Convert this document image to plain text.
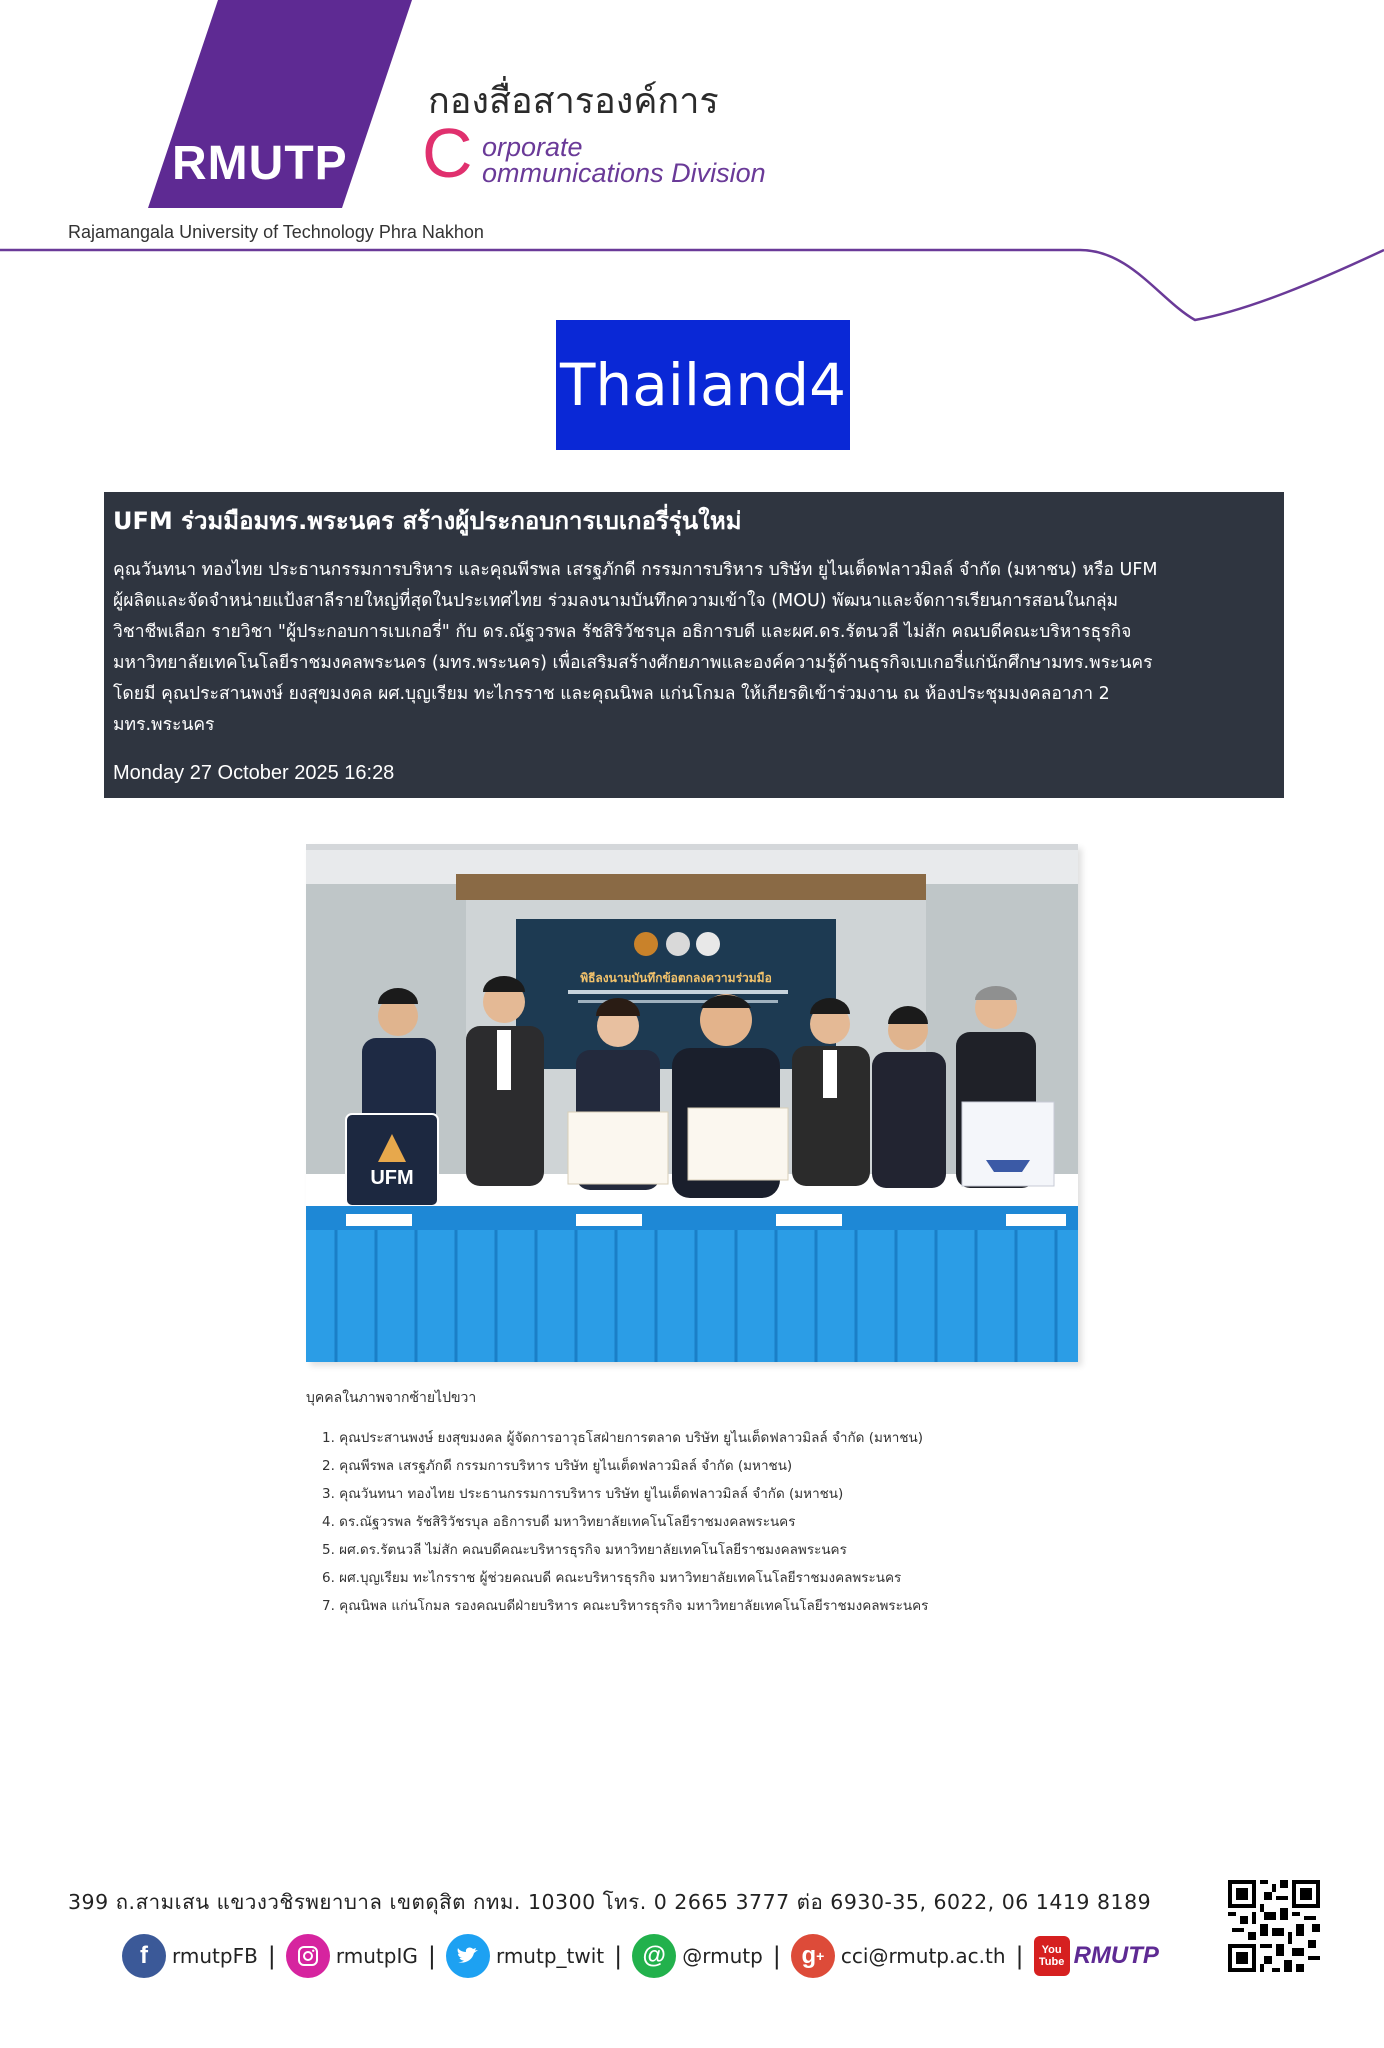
RMUTP
Rajamangala University of Technology Phra Nakhon
กองสื่อสารองค์การ
C orporate
ommunications Division
Thailand4
UFM ร่วมมือมทร.พระนคร สร้างผู้ประกอบการเบเกอรี่รุ่นใหม่
คุณวันทนา ทองไทย ประธานกรรมการบริหาร และคุณพีรพล เสรฐภักดี กรรมการบริหาร บริษัท ยูไนเต็ดฟลาวมิลล์ จำกัด (มหาชน) หรือ UFM
ผู้ผลิตและจัดจำหน่ายแป้งสาลีรายใหญ่ที่สุดในประเทศไทย ร่วมลงนามบันทึกความเข้าใจ (MOU) พัฒนาและจัดการเรียนการสอนในกลุ่ม
วิชาชีพเลือก รายวิชา "ผู้ประกอบการเบเกอรี่" กับ ดร.ณัฐวรพล รัชสิริวัชรบุล อธิการบดี และผศ.ดร.รัตนวลี ไม่สัก คณบดีคณะบริหารธุรกิจ
มหาวิทยาลัยเทคโนโลยีราชมงคลพระนคร (มทร.พระนคร) เพื่อเสริมสร้างศักยภาพและองค์ความรู้ด้านธุรกิจเบเกอรี่แก่นักศึกษามทร.พระนคร
โดยมี คุณประสานพงษ์ ยงสุขมงคล ผศ.บุญเรียม ทะไกรราช และคุณนิพล แก่นโกมล ให้เกียรติเข้าร่วมงาน ณ ห้องประชุมมงคลอาภา 2
มทร.พระนคร
Monday 27 October 2025 16:28
พิธีลงนามบันทึกข้อตกลงความร่วมมือ
UFM
บุคคลในภาพจากซ้ายไปขวา
1. คุณประสานพงษ์ ยงสุขมงคล ผู้จัดการอาวุธโสฝ่ายการตลาด บริษัท ยูไนเต็ดฟลาวมิลล์ จำกัด (มหาชน)
2. คุณพีรพล เสรฐภักดี กรรมการบริหาร บริษัท ยูไนเต็ดฟลาวมิลล์ จำกัด (มหาชน)
3. คุณวันทนา ทองไทย ประธานกรรมการบริหาร บริษัท ยูไนเต็ดฟลาวมิลล์ จำกัด (มหาชน)
4. ดร.ณัฐวรพล รัชสิริวัชรบุล อธิการบดี มหาวิทยาลัยเทคโนโลยีราชมงคลพระนคร
5. ผศ.ดร.รัตนวลี ไม่สัก คณบดีคณะบริหารธุรกิจ มหาวิทยาลัยเทคโนโลยีราชมงคลพระนคร
6. ผศ.บุญเรียม ทะไกรราช ผู้ช่วยคณบดี คณะบริหารธุรกิจ มหาวิทยาลัยเทคโนโลยีราชมงคลพระนคร
7. คุณนิพล แก่นโกมล รองคณบดีฝ่ายบริหาร คณะบริหารธุรกิจ มหาวิทยาลัยเทคโนโลยีราชมงคลพระนคร
399 ถ.สามเสน แขวงวชิรพยาบาล เขตดุสิต กทม. 10300 โทร. 0 2665 3777 ต่อ 6930-35, 6022, 06 1419 8189
f	rmutpFB |	rmutpIG |	rmutp_twit | @ @rmutp | g + cci@rmutp.ac.th | You
Tube RMUTP
